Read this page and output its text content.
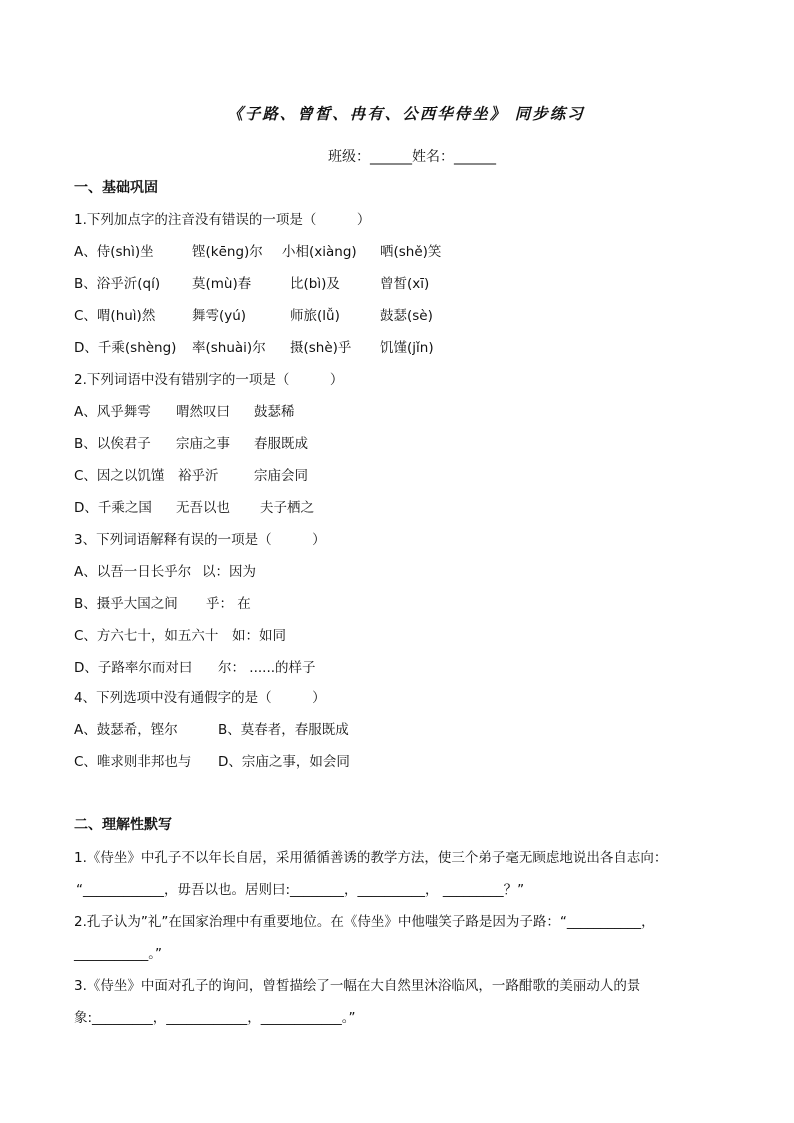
《子路、曾皙、冉有、公西华侍坐》 同步练习
班级：______姓名：______
一、基础巩固
1.下列加点字的注音没有错误的一项是（　　　）
A、侍(shì)坐	铿(kēng)尔 小相(xiàng) 哂(shě)笑
B、浴乎沂(qí) 莫(mù)春	比(bì)及	曾皙(xī)
C、喟(huì)然	舞雩(yú)	师旅(lǚ)	鼓瑟(sè)
D、千乘(shèng) 率(shuài)尔 摄(shè)乎 饥馑(jǐn)
2.下列词语中没有错别字的一项是（　　　）
A、风乎舞雩 喟然叹曰 鼓瑟稀
B、以俟君子 宗庙之事 春服既成
C、因之以饥馑 裕乎沂	宗庙会同
D、千乘之国 无吾以也 夫子栖之
3、下列词语解释有误的一项是（　　　）
A、以吾一日长乎尔 以：因为
B、摄乎大国之间 乎： 在
C、方六七十，如五六十 如：如同
D、子路率尔而对曰 尔： ......的样子
4、下列选项中没有通假字的是（　　　）
A、鼓瑟希，铿尔	B、莫春者，春服既成
C、唯求则非邦也与 D、宗庙之事，如会同
二、理解性默写
1.《侍坐》中孔子不以年长自居，采用循循善诱的教学方法，使三个弟子毫无顾虑地说出各自志向：
“____________，毋吾以也。居则曰:________，__________， _________？”
2.孔子认为”礼”在国家治理中有重要地位。在《侍坐》中他嗤笑子路是因为子路：“___________，
___________。”
3.《侍坐》中面对孔子的询问，曾皙描绘了一幅在大自然里沐浴临风，一路酣歌的美丽动人的景
象:_________，____________，____________。”
